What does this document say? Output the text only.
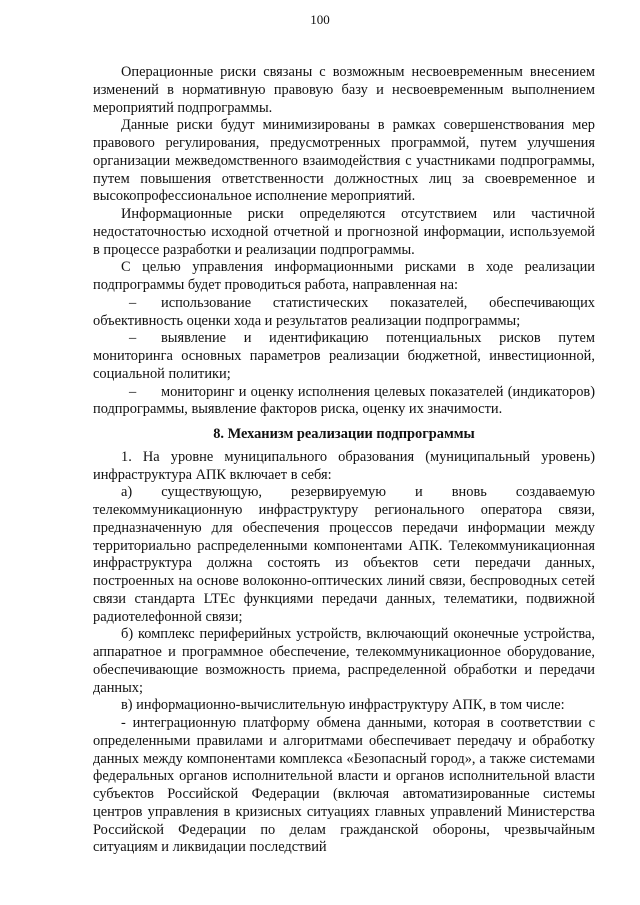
100

Операционные риски связаны с возможным несвоевременным внесением изменений в нормативную правовую базу и несвоевременным выполнением мероприятий подпрограммы.

Данные риски будут минимизированы в рамках совершенствования мер правового регулирования, предусмотренных программой, путем улучшения организации межведомственного взаимодействия с участниками подпрограммы, путем повышения ответственности должностных лиц за своевременное и высокопрофессиональное исполнение мероприятий.

Информационные риски определяются отсутствием или частичной недостаточностью исходной отчетной и прогнозной информации, используемой в процессе разработки и реализации подпрограммы.

С целью управления информационными рисками в ходе реализации подпрограммы будет проводиться работа, направленная на:

– использование статистических показателей, обеспечивающих объективность оценки хода и результатов реализации подпрограммы;

– выявление и идентификацию потенциальных рисков путем мониторинга основных параметров реализации бюджетной, инвестиционной, социальной политики;

– мониторинг и оценку исполнения целевых показателей (индикаторов) подпрограммы, выявление факторов риска, оценку их значимости.

8. Механизм реализации подпрограммы

1. На уровне муниципального образования (муниципальный уровень) инфраструктура АПК включает в себя:

а) существующую, резервируемую и вновь создаваемую телекоммуникационную инфраструктуру регионального оператора связи, предназначенную для обеспечения процессов передачи информации между территориально распределенными компонентами АПК. Телекоммуникационная инфраструктура должна состоять из объектов сети передачи данных, построенных на основе волоконно-оптических линий связи, беспроводных сетей связи стандарта LTEс функциями передачи данных, телематики, подвижной радиотелефонной связи;

б) комплекс периферийных устройств, включающий оконечные устройства, аппаратное и программное обеспечение, телекоммуникационное оборудование, обеспечивающие возможность приема, распределенной обработки и передачи данных;

в) информационно-вычислительную инфраструктуру АПК, в том числе:

- интеграционную платформу обмена данными, которая в соответствии с определенными правилами и алгоритмами обеспечивает передачу и обработку данных между компонентами комплекса «Безопасный город», а также системами федеральных органов исполнительной власти и органов исполнительной власти субъектов Российской Федерации (включая автоматизированные системы центров управления в кризисных ситуациях главных управлений Министерства Российской Федерации по делам гражданской обороны, чрезвычайным ситуациям и ликвидации последствий
